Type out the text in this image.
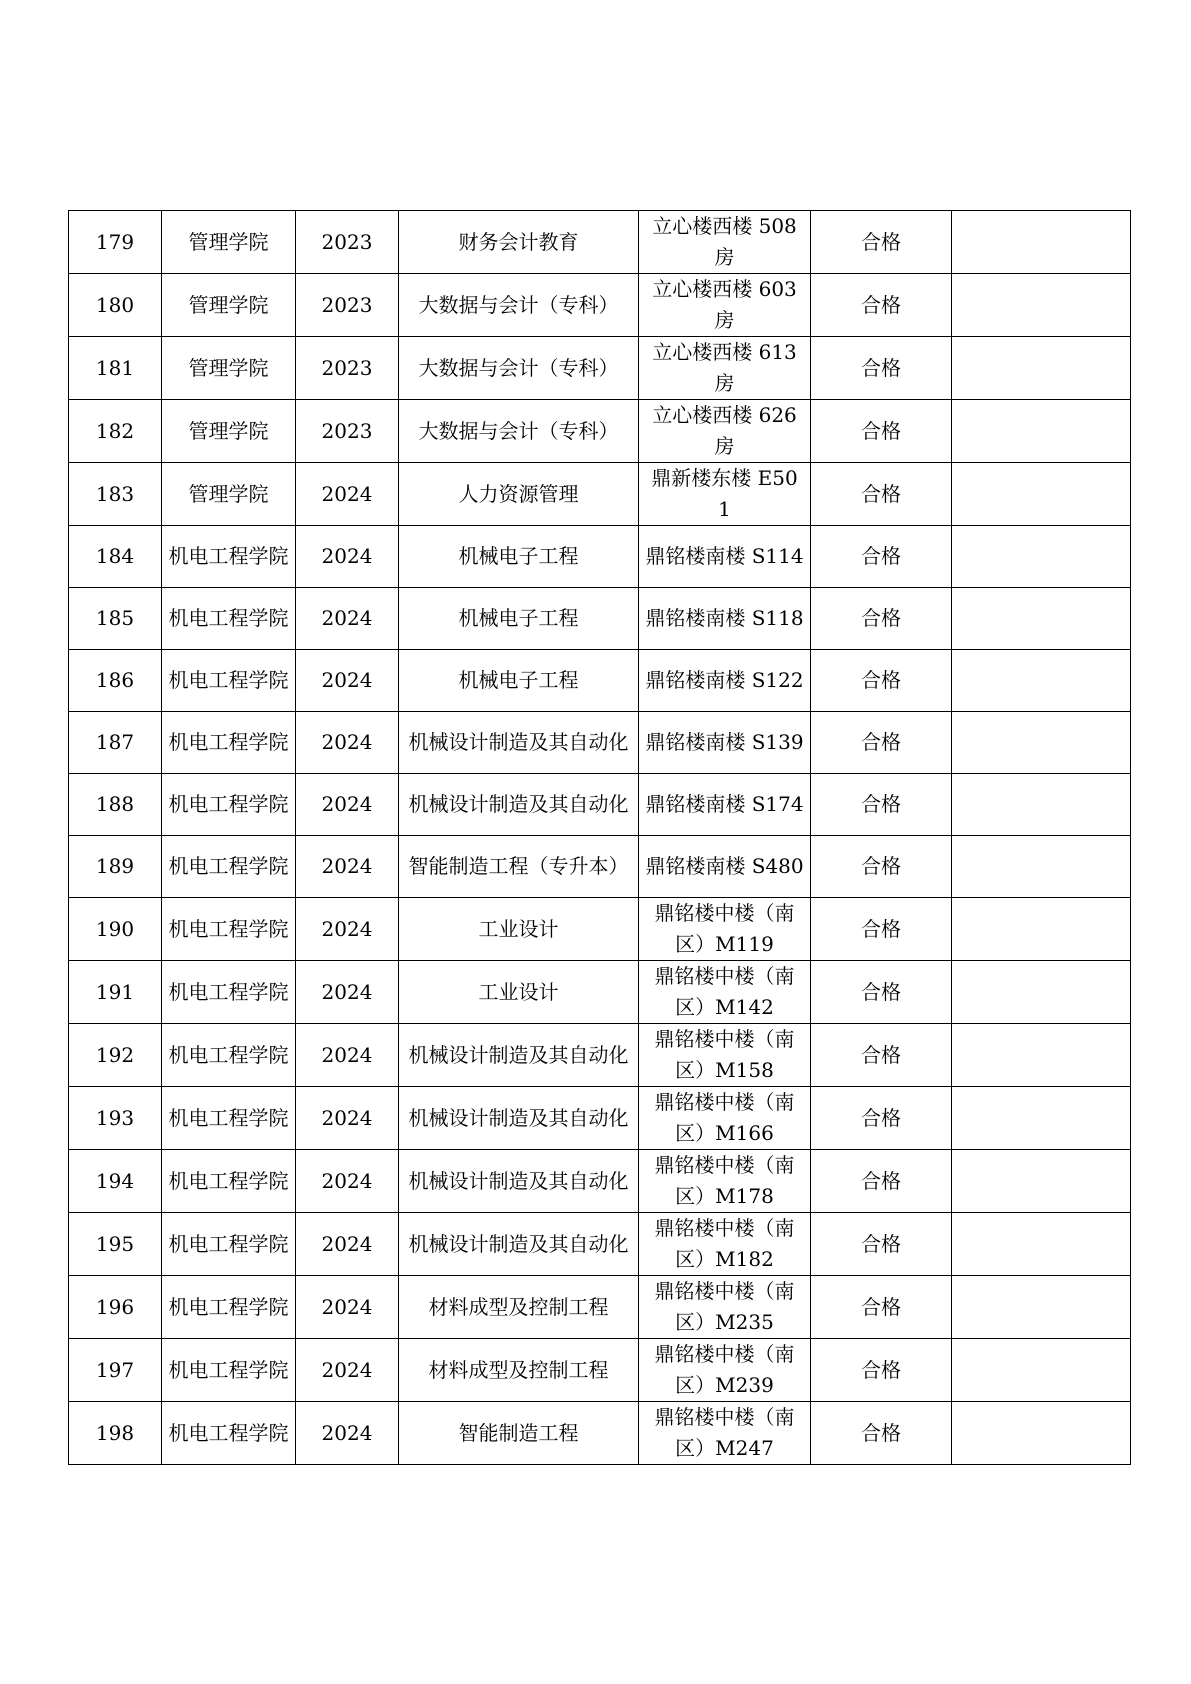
179	管理学院	2023	财务会计教育	立心楼西楼 508 房	合格	
180	管理学院	2023	大数据与会计（专科）	立心楼西楼 603 房	合格	
181	管理学院	2023	大数据与会计（专科）	立心楼西楼 613 房	合格	
182	管理学院	2023	大数据与会计（专科）	立心楼西楼 626 房	合格	
183	管理学院	2024	人力资源管理	鼎新楼东楼 E501	合格	
184	机电工程学院	2024	机械电子工程	鼎铭楼南楼 S114	合格	
185	机电工程学院	2024	机械电子工程	鼎铭楼南楼 S118	合格	
186	机电工程学院	2024	机械电子工程	鼎铭楼南楼 S122	合格	
187	机电工程学院	2024	机械设计制造及其自动化	鼎铭楼南楼 S139	合格	
188	机电工程学院	2024	机械设计制造及其自动化	鼎铭楼南楼 S174	合格	
189	机电工程学院	2024	智能制造工程（专升本）	鼎铭楼南楼 S480	合格	
190	机电工程学院	2024	工业设计	鼎铭楼中楼（南区）M119	合格	
191	机电工程学院	2024	工业设计	鼎铭楼中楼（南区）M142	合格	
192	机电工程学院	2024	机械设计制造及其自动化	鼎铭楼中楼（南区）M158	合格	
193	机电工程学院	2024	机械设计制造及其自动化	鼎铭楼中楼（南区）M166	合格	
194	机电工程学院	2024	机械设计制造及其自动化	鼎铭楼中楼（南区）M178	合格	
195	机电工程学院	2024	机械设计制造及其自动化	鼎铭楼中楼（南区）M182	合格	
196	机电工程学院	2024	材料成型及控制工程	鼎铭楼中楼（南区）M235	合格	
197	机电工程学院	2024	材料成型及控制工程	鼎铭楼中楼（南区）M239	合格	
198	机电工程学院	2024	智能制造工程	鼎铭楼中楼（南区）M247	合格	
